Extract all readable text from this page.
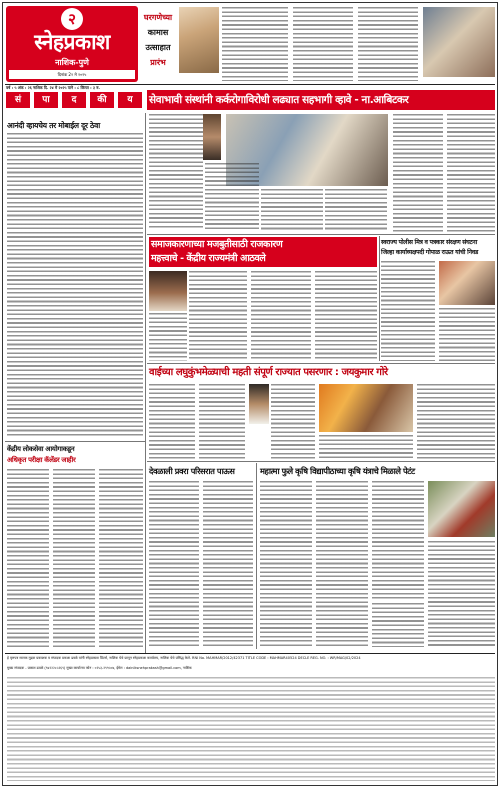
२
स्नेहप्रकाश
नाशिक-पुणे
दिनांक 2२ मे २०२५
घरगणेच्या
कामास
उत्साहात
प्रारंभ
वर्ष : ५ अंक : २६ नाशिक दि. २४ मे २०२५ पाने : ८ किंमत : ३ रु.
सं	पा	द	की	य	सेवाभावी संस्थांनी कर्करोगाविरोधी लढ्यात सहभागी व्हावे - ना.आबिटकर
आनंदी व्हायचेय तर मोबाईल दूर ठेवा
समाजकारणाच्या मजबुतीसाठी राजकारण
महत्त्वाचे - केंद्रीय राज्यमंत्री आठवले
स्वराज्य पोलीस मित्र व पत्रकार संरक्षण संघटना
जिल्हा कार्याध्यक्षपदी गोपाळ राऊत यांची निवड
वाईच्या लघुकुंभमेळ्याची महती संपूर्ण राज्यात पसरणार : जयकुमार गोरे
केंद्रीय लोकसेवा आयोगाकडून
अधिकृत परीक्षा कॅलेंडर जाहीर
देवळाली प्रवरा परिसरात पाऊस	महात्मा फुले कृषि विद्यापीठाच्या कृषि यंत्राचे मिळाले पेटंट
हे वृत्तपत्र मालक मुद्रक प्रकाशक व संपादक प्रकाश ढवळे यांनी स्नेहप्रकाश प्रिंटर्स, नाशिक येथे छापून स्नेहप्रकाश कार्यालय, नाशिक येथे प्रसिद्ध केले. RNI No. MAHMAR/2012/42371 TITLE CODE : MAHMAR40524 DECLE REG. NO. : WR/MAG/02/2024
मुख्य संपादक - प्रकाश ढवळे (९४२२२८५२६९) मुख्य कार्यालय फोन : ०२५३-२९९५०७, ईमेल : dainiksnehprakash@gmail.com, नाशिक
